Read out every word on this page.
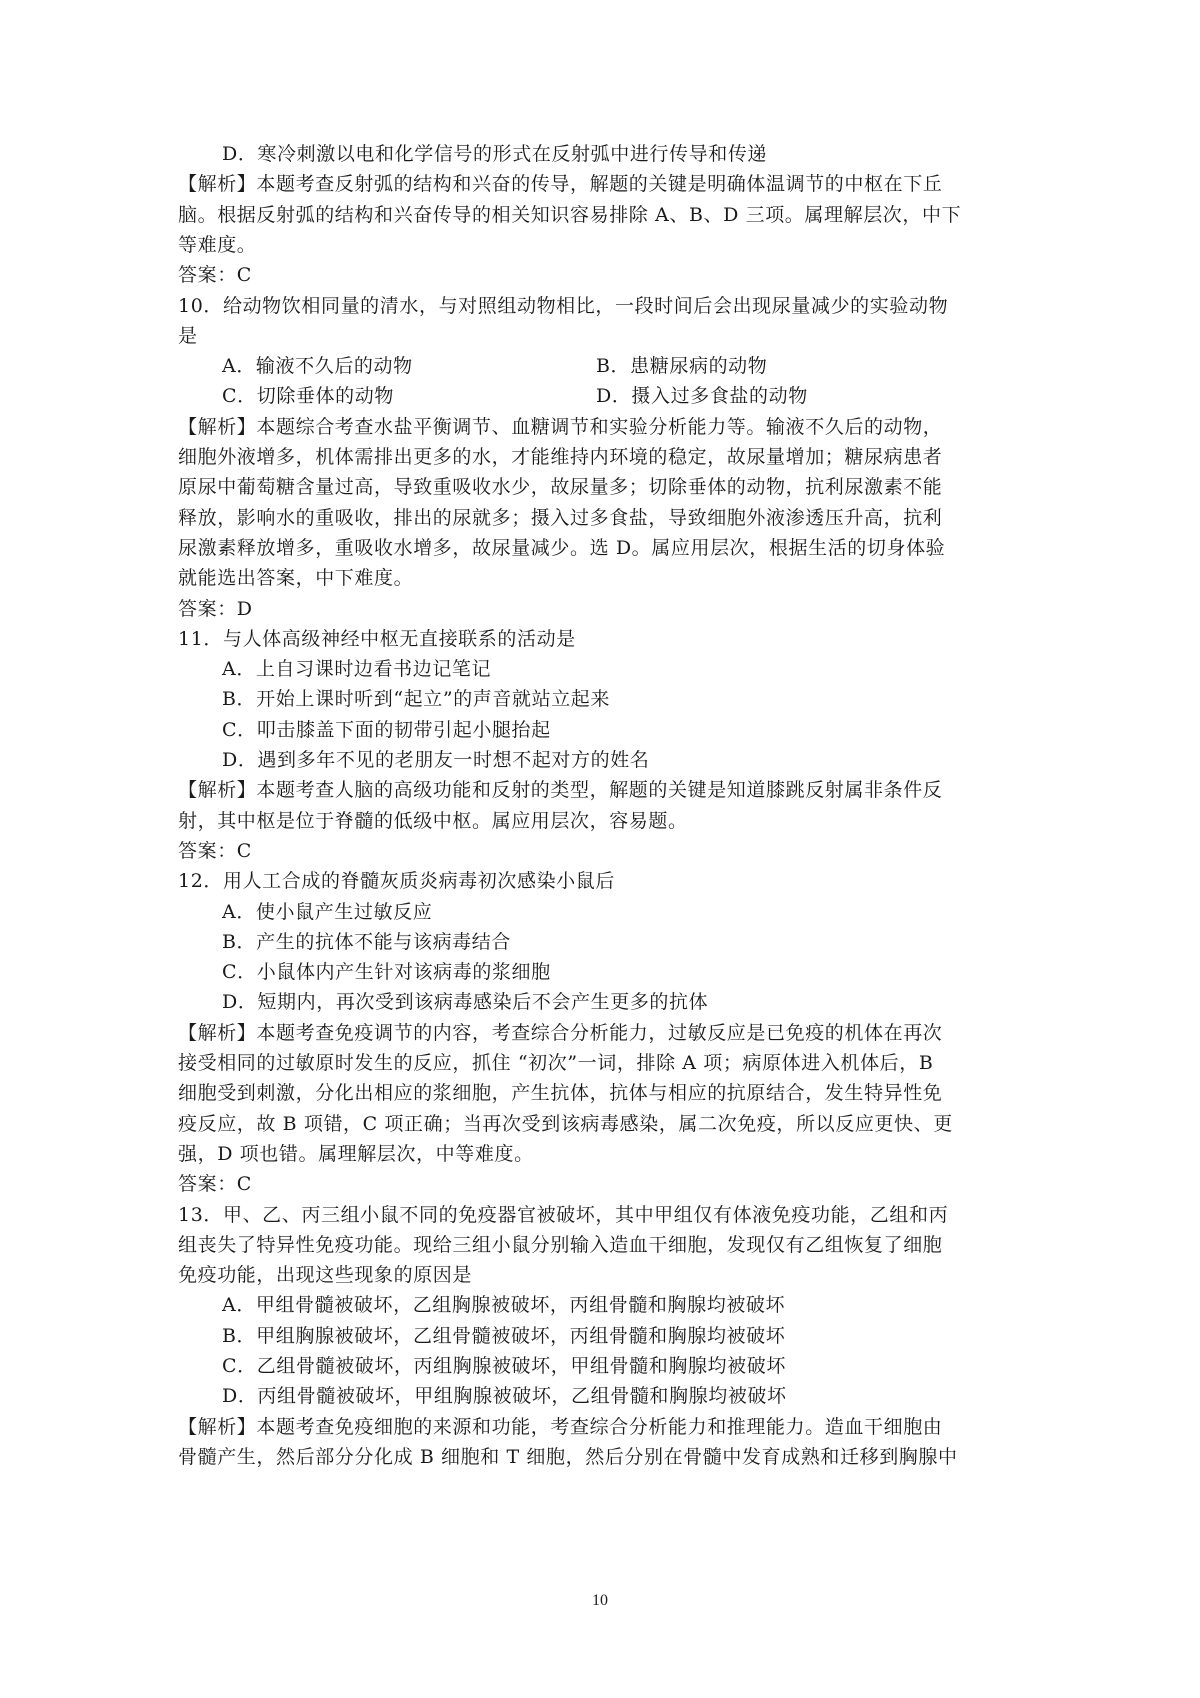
D．寒冷刺激以电和化学信号的形式在反射弧中进行传导和传递
【解析】本题考查反射弧的结构和兴奋的传导，解题的关键是明确体温调节的中枢在下丘
脑。根据反射弧的结构和兴奋传导的相关知识容易排除 A、B、D 三项。属理解层次，中下
等难度。
答案：C
10．给动物饮相同量的清水，与对照组动物相比，一段时间后会出现尿量减少的实验动物
是
A．输液不久后的动物	B．患糖尿病的动物
C．切除垂体的动物	D．摄入过多食盐的动物
【解析】本题综合考查水盐平衡调节、血糖调节和实验分析能力等。输液不久后的动物，
细胞外液增多，机体需排出更多的水，才能维持内环境的稳定，故尿量增加；糖尿病患者
原尿中葡萄糖含量过高，导致重吸收水少，故尿量多；切除垂体的动物，抗利尿激素不能
释放，影响水的重吸收，排出的尿就多；摄入过多食盐，导致细胞外液渗透压升高，抗利
尿激素释放增多，重吸收水增多，故尿量减少。选 D。属应用层次，根据生活的切身体验
就能选出答案，中下难度。
答案：D
11．与人体高级神经中枢无直接联系的活动是
A．上自习课时边看书边记笔记
B．开始上课时听到“起立”的声音就站立起来
C．叩击膝盖下面的韧带引起小腿抬起
D．遇到多年不见的老朋友一时想不起对方的姓名
【解析】本题考查人脑的高级功能和反射的类型，解题的关键是知道膝跳反射属非条件反
射，其中枢是位于脊髓的低级中枢。属应用层次，容易题。
答案：C
12．用人工合成的脊髓灰质炎病毒初次感染小鼠后
A．使小鼠产生过敏反应
B．产生的抗体不能与该病毒结合
C．小鼠体内产生针对该病毒的浆细胞
D．短期内，再次受到该病毒感染后不会产生更多的抗体
【解析】本题考查免疫调节的内容，考查综合分析能力，过敏反应是已免疫的机体在再次
接受相同的过敏原时发生的反应，抓住 “初次”一词，排除 A 项；病原体进入机体后，B
细胞受到刺激，分化出相应的浆细胞，产生抗体，抗体与相应的抗原结合，发生特异性免
疫反应，故 B 项错，C 项正确；当再次受到该病毒感染，属二次免疫，所以反应更快、更
强，D 项也错。属理解层次，中等难度。
答案：C
13．甲、乙、丙三组小鼠不同的免疫器官被破坏，其中甲组仅有体液免疫功能，乙组和丙
组丧失了特异性免疫功能。现给三组小鼠分别输入造血干细胞，发现仅有乙组恢复了细胞
免疫功能，出现这些现象的原因是
A．甲组骨髓被破坏，乙组胸腺被破坏，丙组骨髓和胸腺均被破坏
B．甲组胸腺被破坏，乙组骨髓被破坏，丙组骨髓和胸腺均被破坏
C．乙组骨髓被破坏，丙组胸腺被破坏，甲组骨髓和胸腺均被破坏
D．丙组骨髓被破坏，甲组胸腺被破坏，乙组骨髓和胸腺均被破坏
【解析】本题考查免疫细胞的来源和功能，考查综合分析能力和推理能力。造血干细胞由
骨髓产生，然后部分分化成 B 细胞和 T 细胞，然后分别在骨髓中发育成熟和迁移到胸腺中
10
